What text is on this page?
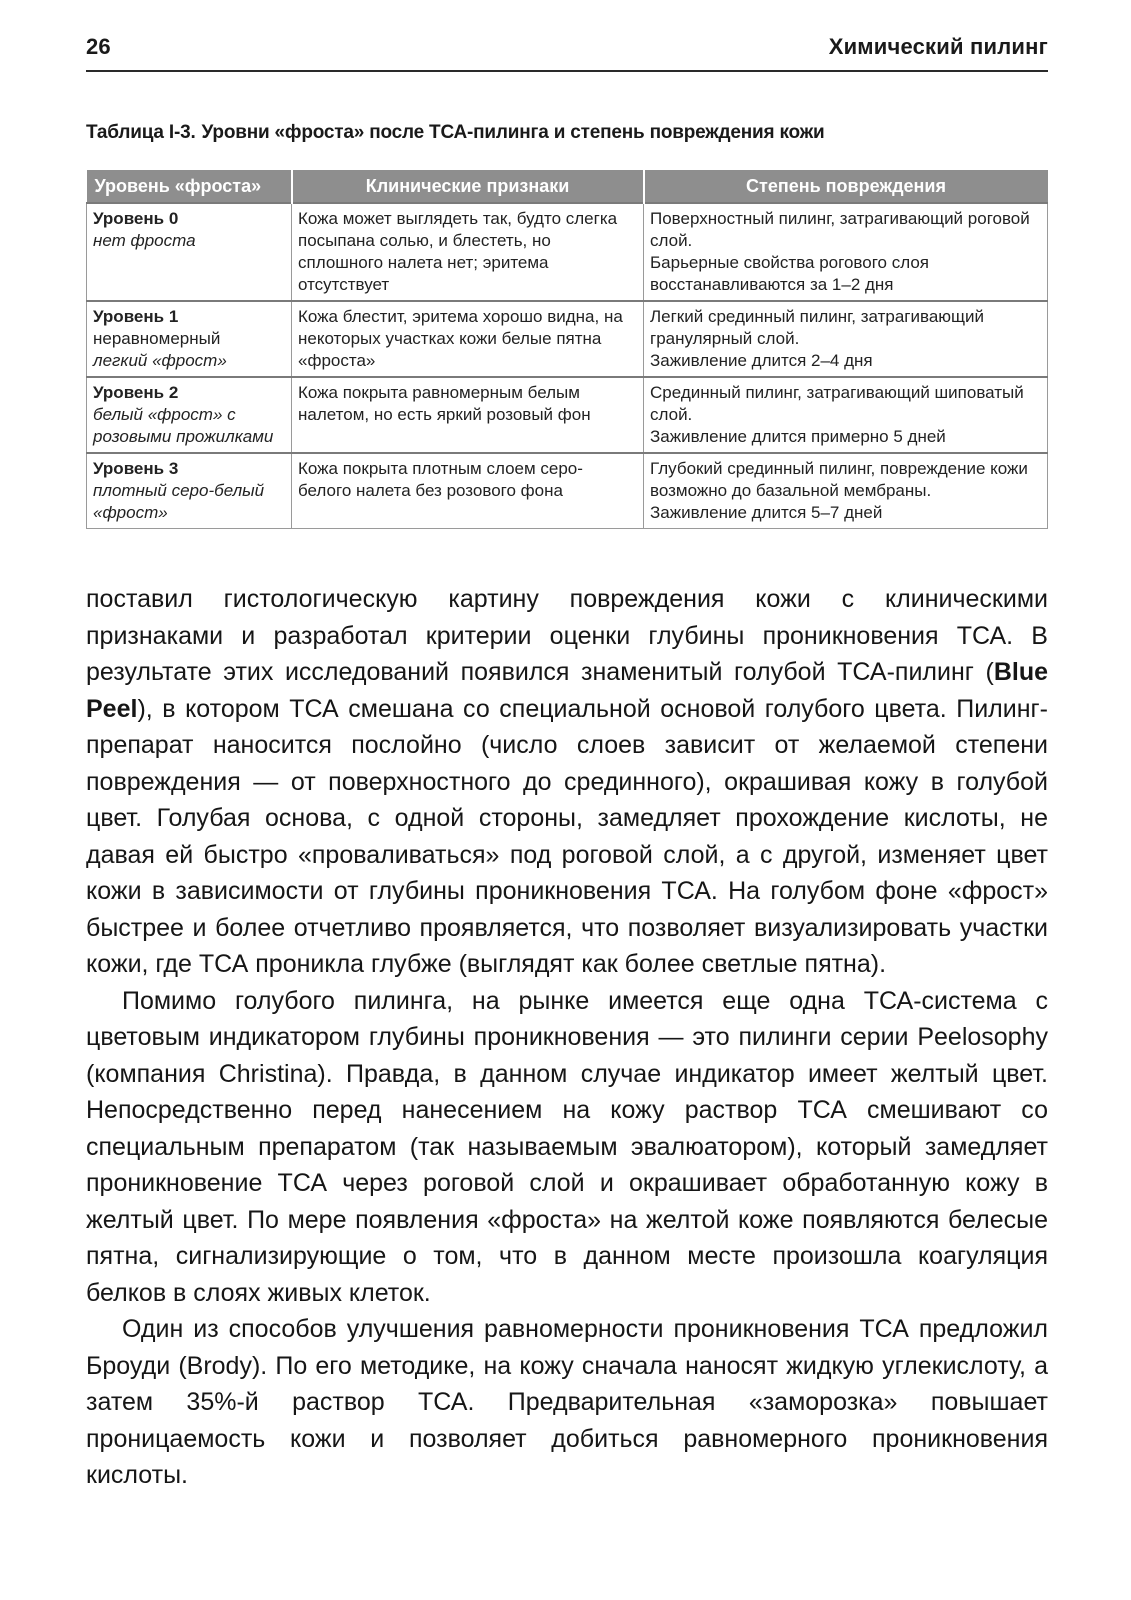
26	Химический пилинг
Таблица I-3. Уровни «фроста» после ТСА-пилинга и степень повреждения кожи
Уровень «фроста»	Клинические признаки	Степень повреждения

Уровень 0
нет фроста	Кожа может выглядеть так, будто слегка посыпана солью, и блестеть, но сплошного налета нет; эритема отсутствует	Поверхностный пилинг, затрагивающий роговой слой.
Барьерные свойства рогового слоя восстанавливаются за 1–2 дня

Уровень 1
неравномерный
легкий «фрост»	Кожа блестит, эритема хорошо видна, на некоторых участках кожи белые пятна «фроста»	Легкий срединный пилинг, затрагивающий гранулярный слой.
Заживление длится 2–4 дня

Уровень 2
белый «фрост» с розовыми прожилками	Кожа покрыта равномерным белым налетом, но есть яркий розовый фон	Срединный пилинг, затрагивающий шиповатый слой.
Заживление длится примерно 5 дней

Уровень 3
плотный серо-белый «фрост»	Кожа покрыта плотным слоем серо-белого налета без розового фона	Глубокий срединный пилинг, повреждение кожи возможно до базальной мембраны.
Заживление длится 5–7 дней

поставил гистологическую картину повреждения кожи с клиническими признаками и разработал критерии оценки глубины проникновения ТСА. В результате этих исследований появился знаменитый голубой ТСА-пилинг (Blue Peel), в котором ТСА смешана со специальной основой голубого цвета. Пилинг-препарат наносится послойно (число слоев зависит от желаемой степени повреждения — от поверхностного до срединного), окрашивая кожу в голубой цвет. Голубая основа, с одной стороны, замедляет прохождение кислоты, не давая ей быстро «проваливаться» под роговой слой, а с другой, изменяет цвет кожи в зависимости от глубины проникновения ТСА. На голубом фоне «фрост» быстрее и более отчетливо проявляется, что позволяет визуализировать участки кожи, где ТСА проникла глубже (выглядят как более светлые пятна).

Помимо голубого пилинга, на рынке имеется еще одна ТСА-система с цветовым индикатором глубины проникновения — это пилинги серии Peelosophy (компания Christina). Правда, в данном случае индикатор имеет желтый цвет. Непосредственно перед нанесением на кожу раствор ТСА смешивают со специальным препаратом (так называемым эвалюатором), который замедляет проникновение ТСА через роговой слой и окрашивает обработанную кожу в желтый цвет. По мере появления «фроста» на желтой коже появляются белесые пятна, сигнализирующие о том, что в данном месте произошла коагуляция белков в слоях живых клеток.

Один из способов улучшения равномерности проникновения ТСА предложил Броуди (Brody). По его методике, на кожу сначала наносят жидкую углекислоту, а затем 35%-й раствор ТСА. Предварительная «заморозка» повышает проницаемость кожи и позволяет добиться равномерного проникновения кислоты.
